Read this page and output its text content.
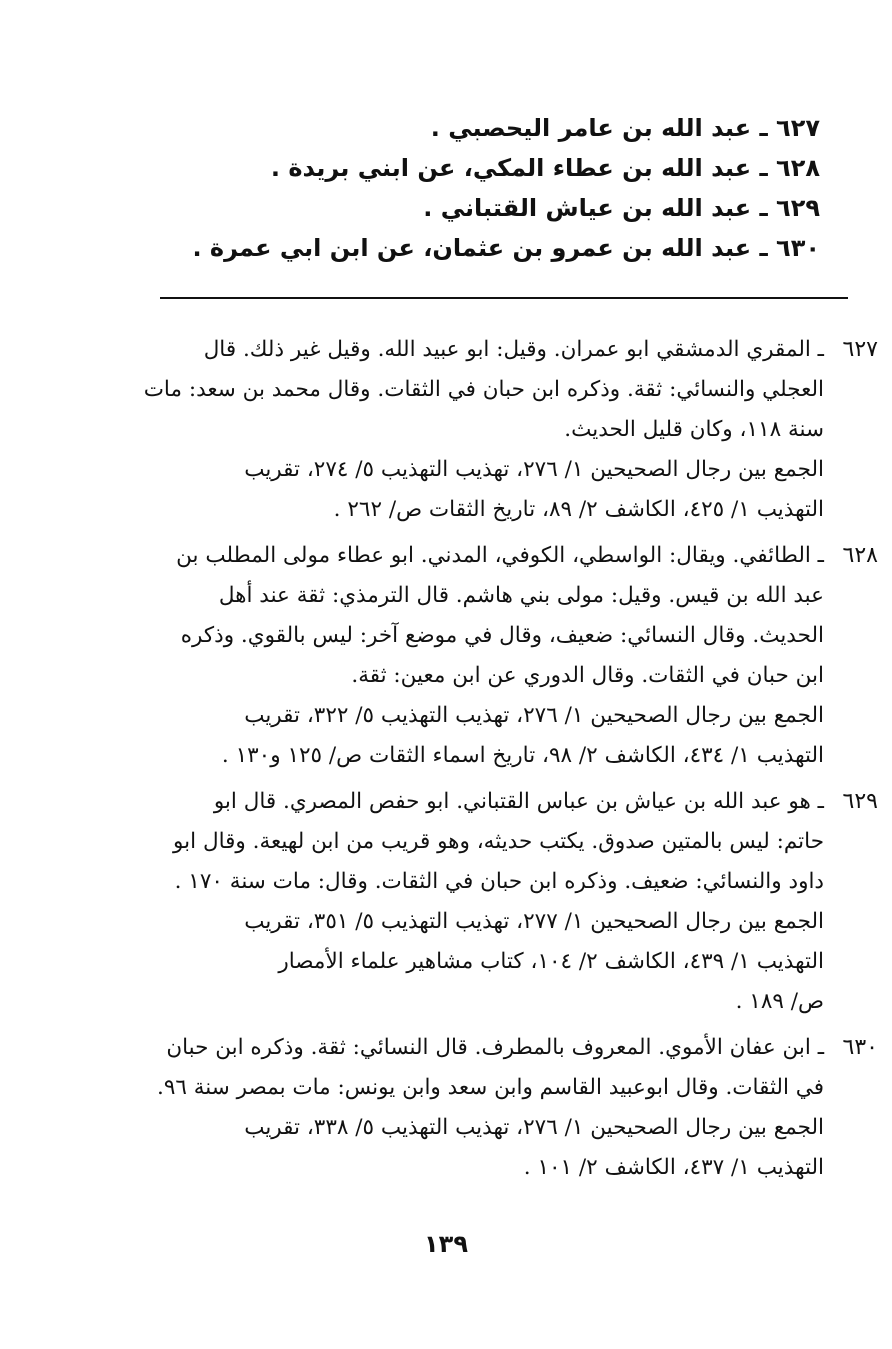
٦٢٧ ـ عبد الله بن عامر اليحصبي .
٦٢٨ ـ عبد الله بن عطاء المكي، عن ابني بريدة .
٦٢٩ ـ عبد الله بن عياش القتباني .
٦٣٠ ـ عبد الله بن عمرو بن عثمان، عن ابن ابي عمرة .
٦٢٧
ـ المقري الدمشقي ابو عمران. وقيل: ابو عبيد الله. وقيل غير ذلك. قال
العجلي والنسائي: ثقة. وذكره ابن حبان في الثقات. وقال محمد بن سعد: مات
سنة ١١٨، وكان قليل الحديث.
الجمع بين رجال الصحيحين ١/ ٢٧٦، تهذيب التهذيب ٥/ ٢٧٤، تقريب
التهذيب ١/ ٤٢٥، الكاشف ٢/ ٨٩، تاريخ الثقات ص/ ٢٦٢ .
٦٢٨
ـ الطائفي. ويقال: الواسطي، الكوفي، المدني. ابو عطاء مولى المطلب بن
عبد الله بن قيس. وقيل: مولى بني هاشم. قال الترمذي: ثقة عند أهل
الحديث. وقال النسائي: ضعيف، وقال في موضع آخر: ليس بالقوي. وذكره
ابن حبان في الثقات. وقال الدوري عن ابن معين: ثقة.
الجمع بين رجال الصحيحين ١/ ٢٧٦، تهذيب التهذيب ٥/ ٣٢٢، تقريب
التهذيب ١/ ٤٣٤، الكاشف ٢/ ٩٨، تاريخ اسماء الثقات ص/ ١٢٥ و١٣٠ .
٦٢٩
ـ هو عبد الله بن عياش بن عباس القتباني. ابو حفص المصري. قال ابو
حاتم: ليس بالمتين صدوق. يكتب حديثه، وهو قريب من ابن لهيعة. وقال ابو
داود والنسائي: ضعيف. وذكره ابن حبان في الثقات. وقال: مات سنة ١٧٠ .
الجمع بين رجال الصحيحين ١/ ٢٧٧، تهذيب التهذيب ٥/ ٣٥١، تقريب
التهذيب ١/ ٤٣٩، الكاشف ٢/ ١٠٤، كتاب مشاهير علماء الأمصار
ص/ ١٨٩ .
٦٣٠
ـ ابن عفان الأموي. المعروف بالمطرف. قال النسائي: ثقة. وذكره ابن حبان
في الثقات. وقال ابوعبيد القاسم وابن سعد وابن يونس: مات بمصر سنة ٩٦.
الجمع بين رجال الصحيحين ١/ ٢٧٦، تهذيب التهذيب ٥/ ٣٣٨، تقريب
التهذيب ١/ ٤٣٧، الكاشف ٢/ ١٠١ .
١٣٩
